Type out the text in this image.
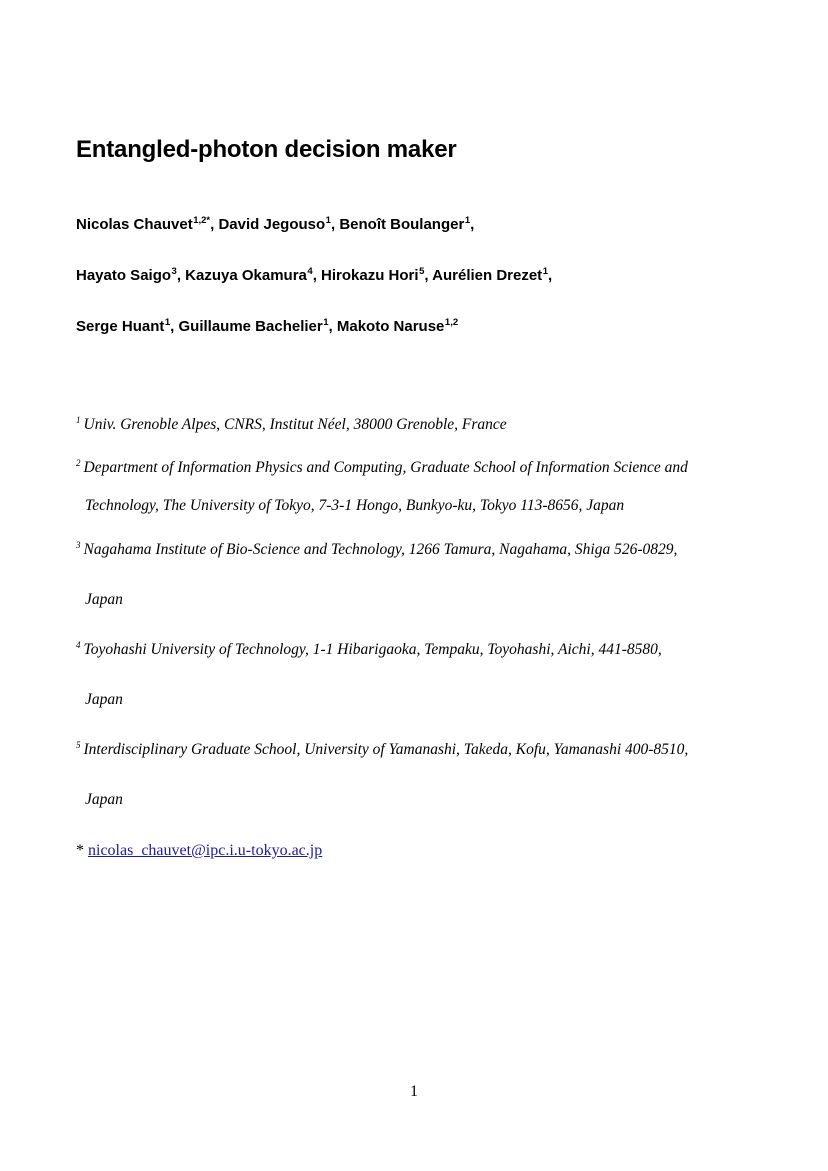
Entangled-photon decision maker
Nicolas Chauvet$^{1,2*}$, David Jegouso$^1$, Benoît Boulanger$^1$,
Hayato Saigo$^3$, Kazuya Okamura$^4$, Hirokazu Hori$^5$, Aurélien Drezet$^1$,
Serge Huant$^1$, Guillaume Bachelier$^1$, Makoto Naruse$^{1,2}$
$^1$ Univ. Grenoble Alpes, CNRS, Institut Néel, 38000 Grenoble, France
$^2$ Department of Information Physics and Computing, Graduate School of Information Science and
Technology, The University of Tokyo, 7-3-1 Hongo, Bunkyo-ku, Tokyo 113-8656, Japan
$^3$ Nagahama Institute of Bio-Science and Technology, 1266 Tamura, Nagahama, Shiga 526-0829,
Japan
$^4$ Toyohashi University of Technology, 1-1 Hibarigaoka, Tempaku, Toyohashi, Aichi, 441-8580,
Japan
$^5$ Interdisciplinary Graduate School, University of Yamanashi, Takeda, Kofu, Yamanashi 400-8510,
Japan
* nicolas_chauvet@ipc.i.u-tokyo.ac.jp
1
